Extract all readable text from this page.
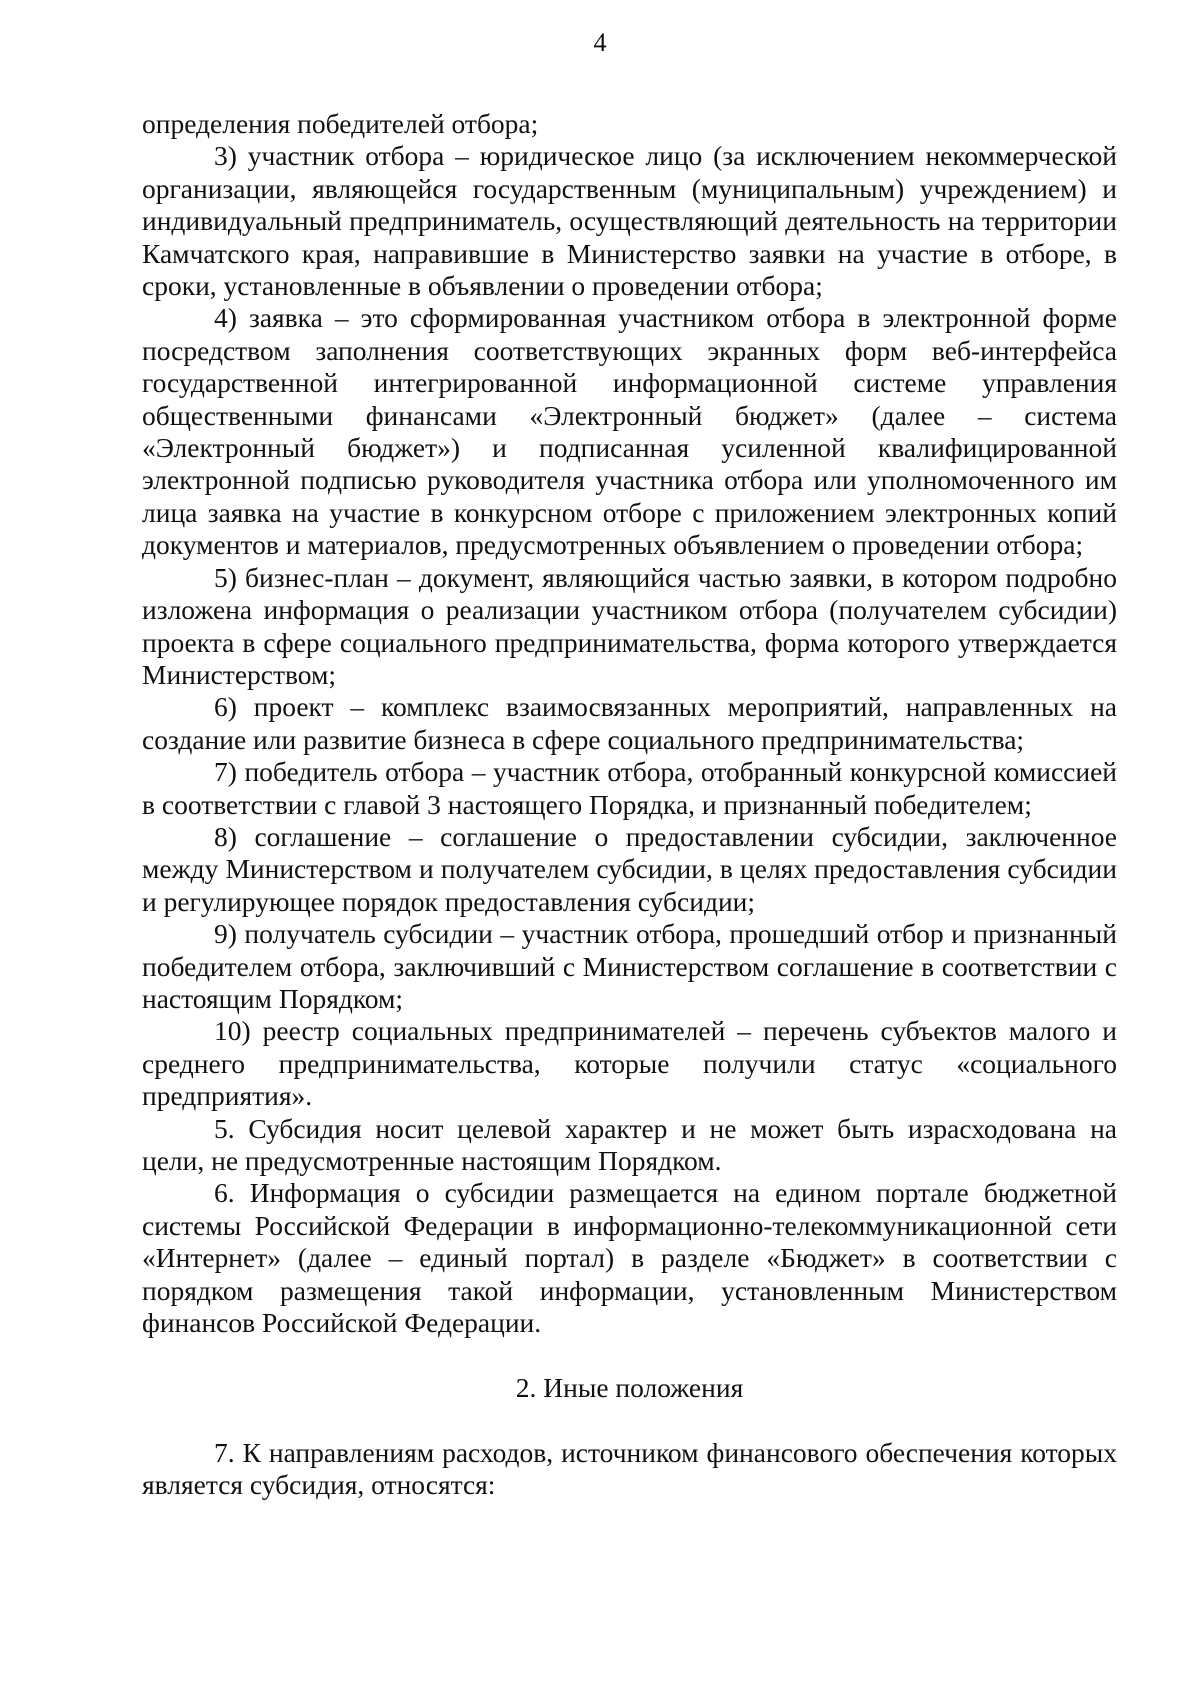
4

определения победителей отбора;

3) участник отбора – юридическое лицо (за исключением некоммерческой организации, являющейся государственным (муниципальным) учреждением) и индивидуальный предприниматель, осуществляющий деятельность на территории Камчатского края, направившие в Министерство заявки на участие в отборе, в сроки, установленные в объявлении о проведении отбора;

4) заявка – это сформированная участником отбора в электронной форме посредством заполнения соответствующих экранных форм веб-интерфейса государственной интегрированной информационной системе управления общественными финансами «Электронный бюджет» (далее – система «Электронный бюджет») и подписанная усиленной квалифицированной электронной подписью руководителя участника отбора или уполномоченного им лица заявка на участие в конкурсном отборе с приложением электронных копий документов и материалов, предусмотренных объявлением о проведении отбора;

5) бизнес-план – документ, являющийся частью заявки, в котором подробно изложена информация о реализации участником отбора (получателем субсидии) проекта в сфере социального предпринимательства, форма которого утверждается Министерством;

6) проект – комплекс взаимосвязанных мероприятий, направленных на создание или развитие бизнеса в сфере социального предпринимательства;

7) победитель отбора – участник отбора, отобранный конкурсной комиссией в соответствии с главой 3 настоящего Порядка, и признанный победителем;

8) соглашение – соглашение о предоставлении субсидии, заключенное между Министерством и получателем субсидии, в целях предоставления субсидии и регулирующее порядок предоставления субсидии;

9) получатель субсидии – участник отбора, прошедший отбор и признанный победителем отбора, заключивший с Министерством соглашение в соответствии с настоящим Порядком;

10) реестр социальных предпринимателей – перечень субъектов малого и среднего предпринимательства, которые получили статус «социального предприятия».

5. Субсидия носит целевой характер и не может быть израсходована на цели, не предусмотренные настоящим Порядком.

6. Информация о субсидии размещается на едином портале бюджетной системы Российской Федерации в информационно-телекоммуникационной сети «Интернет» (далее – единый портал) в разделе «Бюджет» в соответствии с порядком размещения такой информации, установленным Министерством финансов Российской Федерации.

2. Иные положения

7. К направлениям расходов, источником финансового обеспечения которых является субсидия, относятся:
